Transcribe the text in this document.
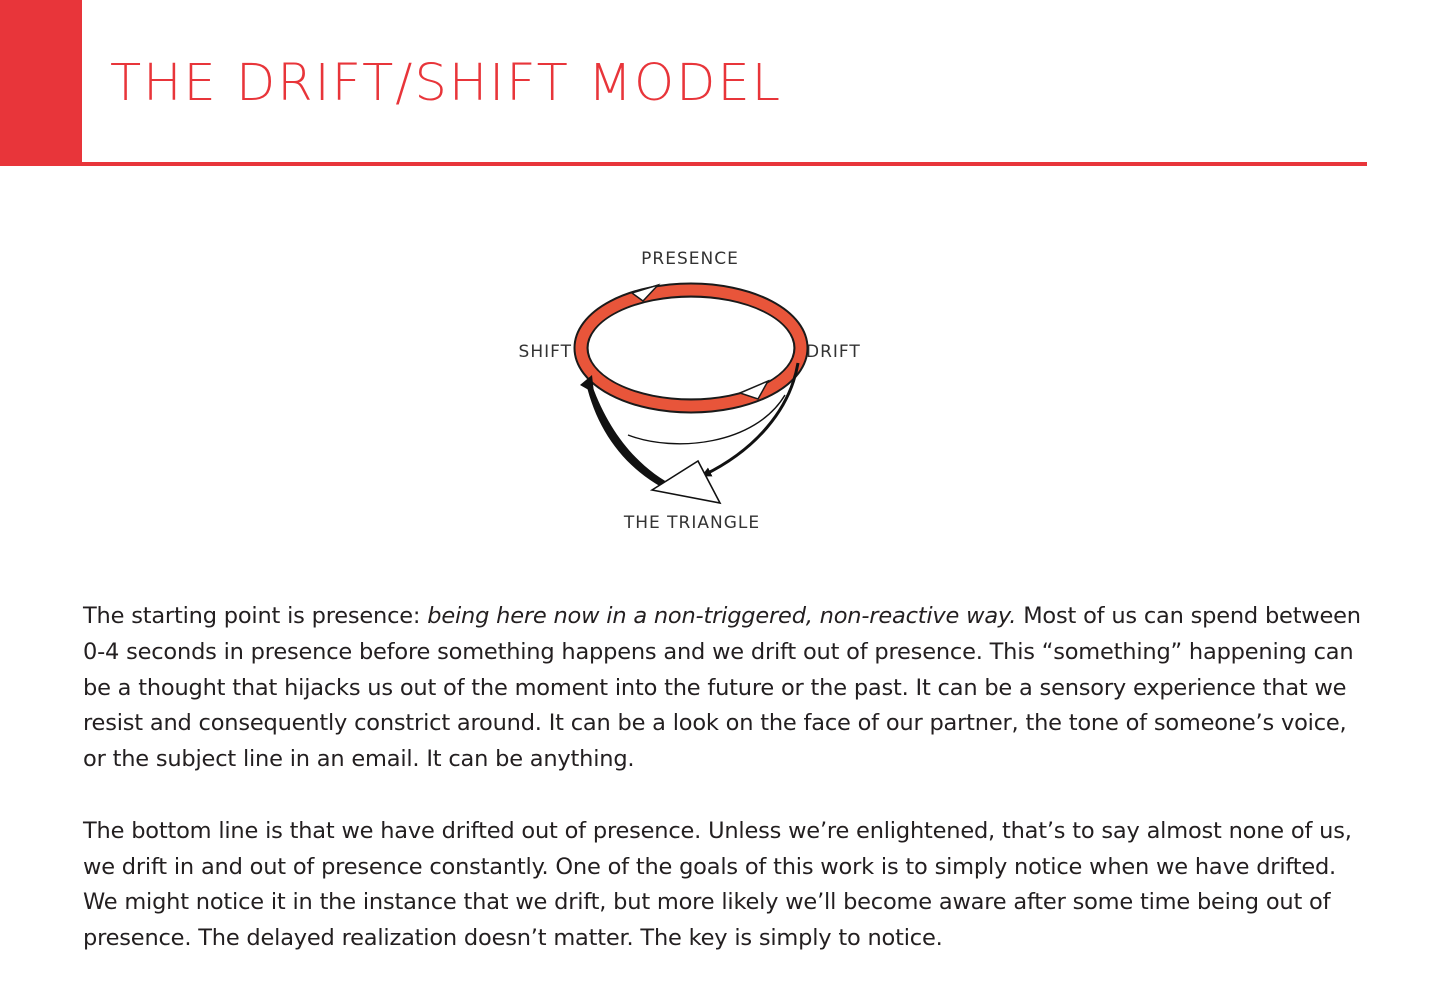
THE DRIFT/SHIFT MODEL
PRESENCE
SHIFT	DRIFT
THE TRIANGLE

The starting point is presence: being here now in a non-triggered, non-reactive way. Most of us can spend between 0-4 seconds in presence before something happens and we drift out of presence. This “something” happening can be a thought that hijacks us out of the moment into the future or the past. It can be a sensory experience that we resist and consequently constrict around. It can be a look on the face of our partner, the tone of someone’s voice, or the subject line in an email. It can be anything.

The bottom line is that we have drifted out of presence. Unless we’re enlightened, that’s to say almost none of us, we drift in and out of presence constantly. One of the goals of this work is to simply notice when we have drifted. We might notice it in the instance that we drift, but more likely we’ll become aware after some time being out of presence. The delayed realization doesn’t matter. The key is simply to notice.
